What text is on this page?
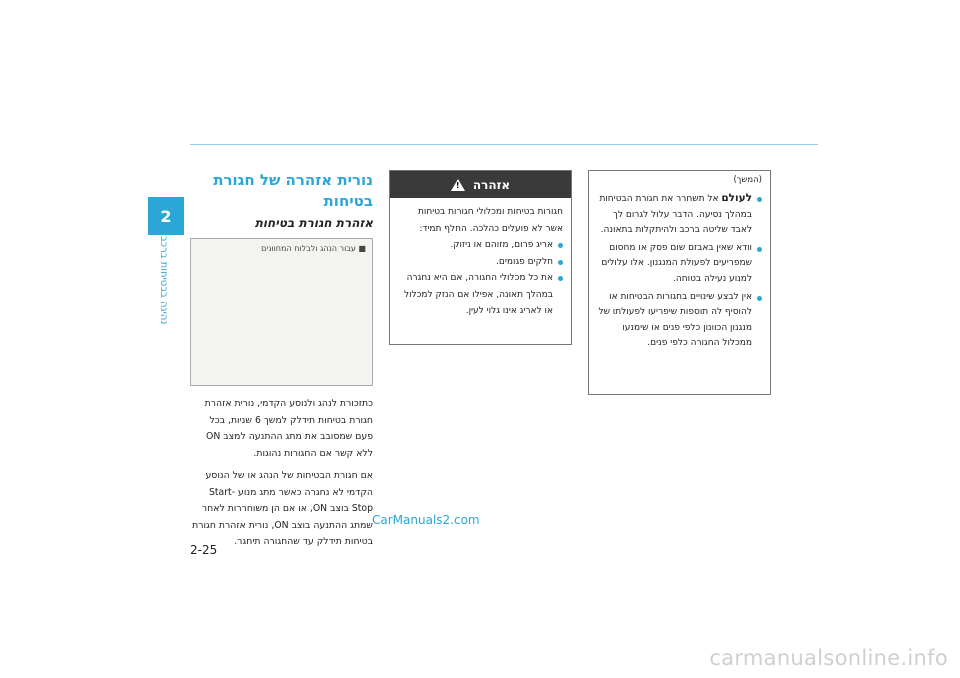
2
נהיגה בבטיחות ברכב
נורית אזהרה של חגורת בטיחות
אזהרת חגורת בטיחות
■ עבור הנהג ולבלוח המחוונים

כתזכורת לנהג ולנוסע הקדמי, נורית אזהרת חגורת בטיחות תידלק למשך 6 שניות, בכל פעם שמסובב את מתג ההתנעה למצב ON ללא קשר אם החגורות נהוגות.

אם חגורת הבטיחות של הנהג או של הנוסע הקדמי לא נחגרה כאשר מתג מנוע Start-Stop בוצב ON, או אם הן משוחררות לאחר שמתג ההתנעה בוצב ON, נורית אזהרת חגורת בטיחות תידלק עד שהחגורה תיחגר.

אזהרה
!
חגורות בטיחות ומכלולי חגורות בטיחות אשר לא פועלים כהלכה. החלף תמיד:
אריג פרום, מזוהם או ניזוק.
חלקים פגומים.
את כל מכלולי החגורה, אם היא נחגרה במהלך תאונה, אפילו אם הנזק למכלול או לאריג אינו גלוי לעין.
(המשך)
לעולם אל תשחרר את חגורת הבטיחות במהלך נסיעה. הדבר עלול לגרום לך לאבד שליטה ברכב ולהיתקלות בתאונה.
וודא שאין באבזם שום פסק או מחסום שמפריעים לפעולת המנגנון. אלו עלולים למנוע נעילה בטוחה.
אין לבצע שינויים בחגורות הבטיחות או להוסיף לה תוספות שיפריעו לפעולתו של מנגנון הכוונון כלפי פנים או שימנעו ממכלול החגורה כלפי פנים.
CarManuals2.com
2-25
carmanualsonline.info
